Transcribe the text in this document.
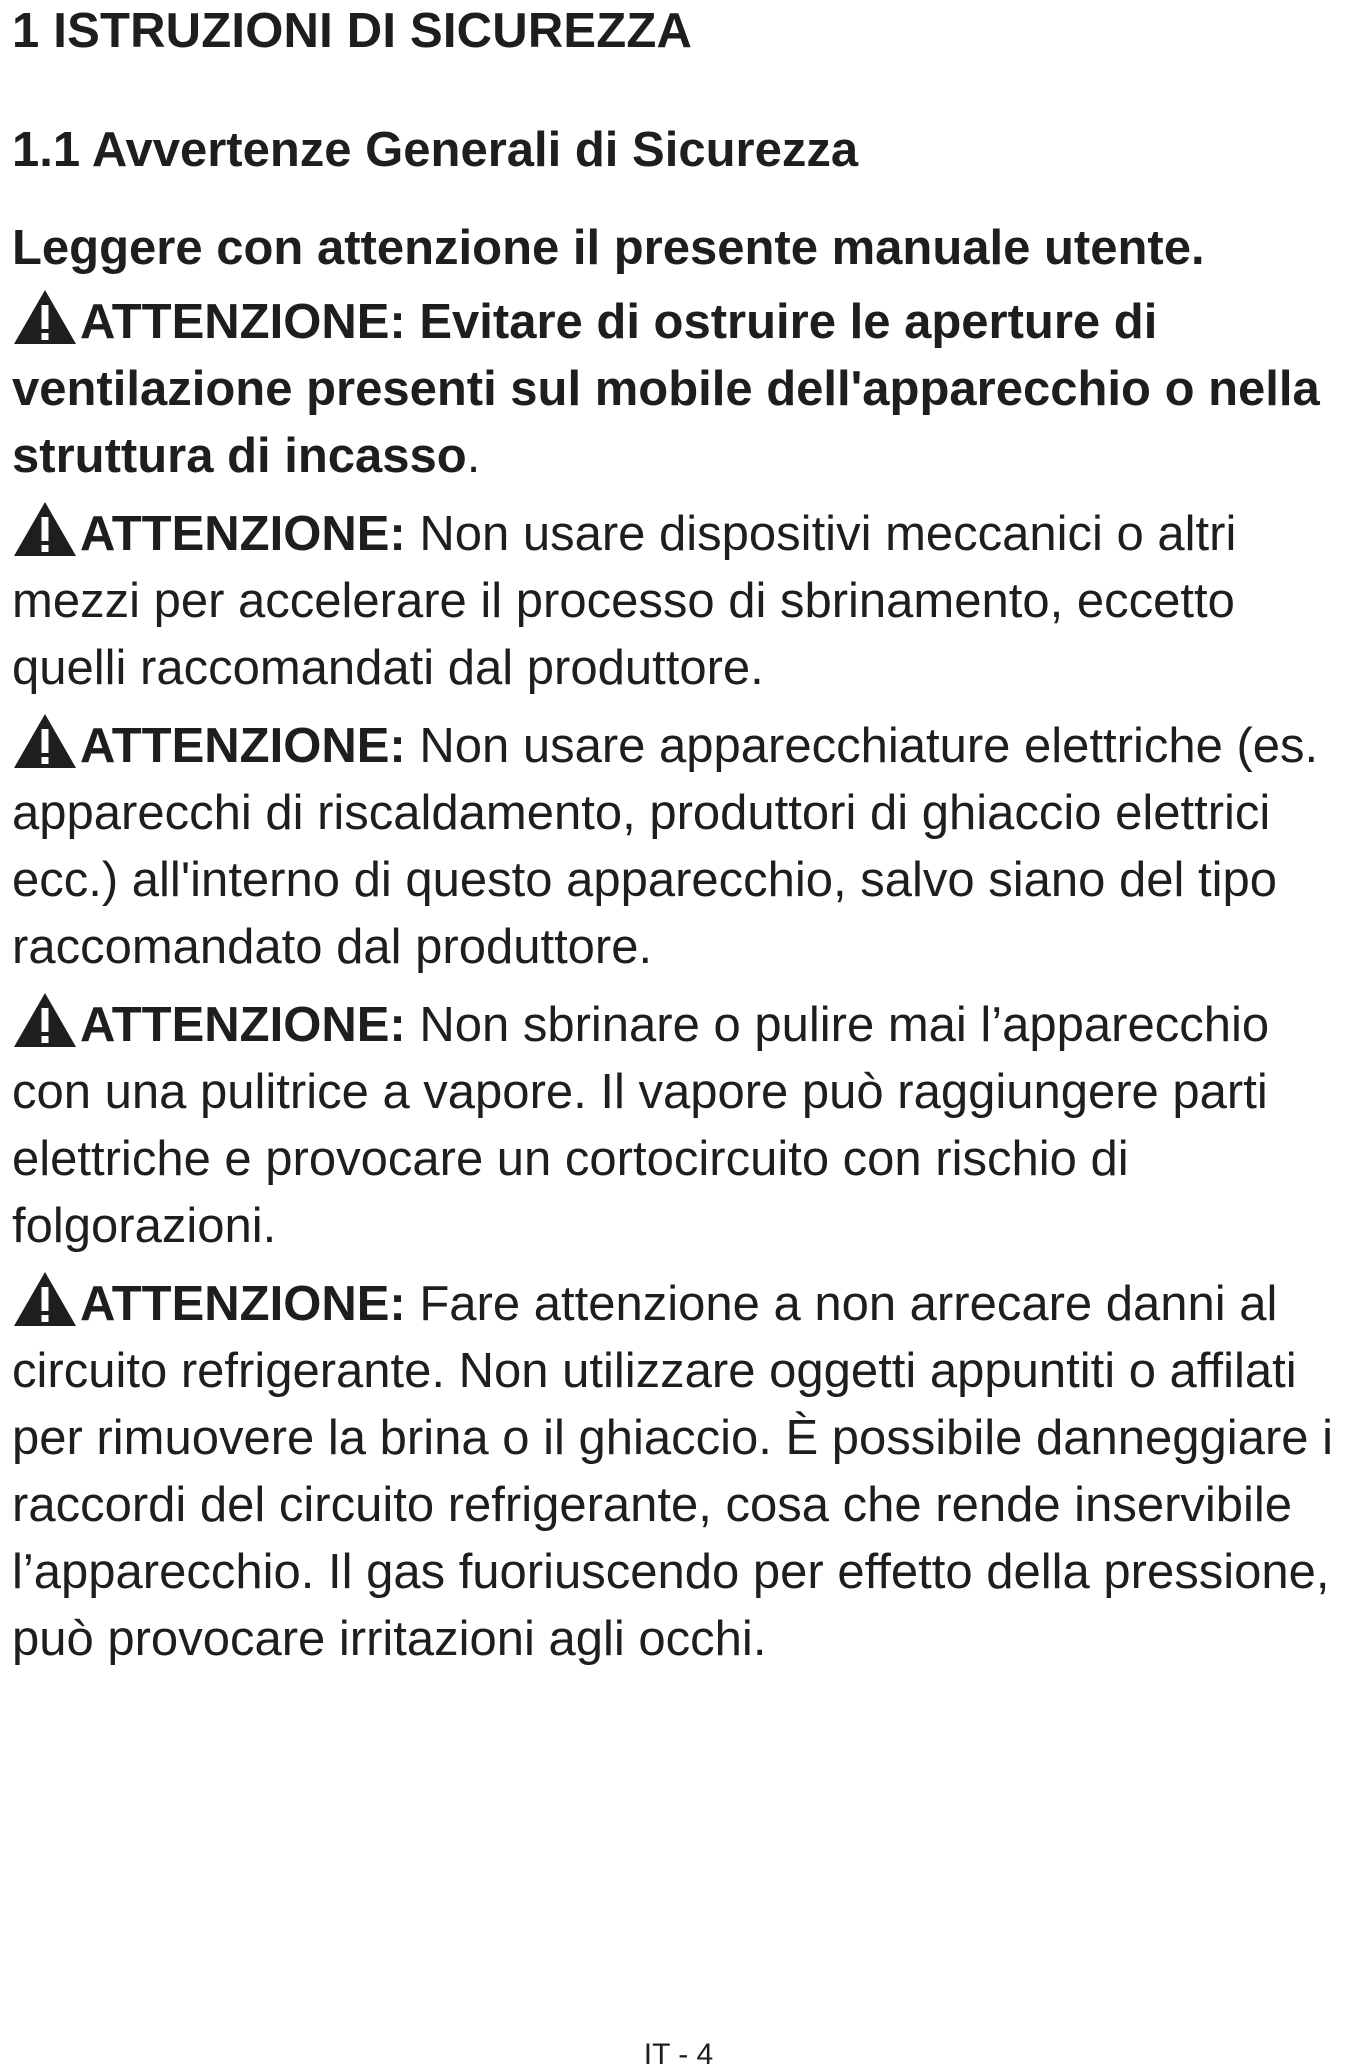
1 ISTRUZIONI DI SICUREZZA
1.1 Avvertenze Generali di Sicurezza
Leggere con attenzione il presente manuale utente.
ATTENZIONE: Evitare di ostruire le aperture di ventilazione presenti sul mobile dell'apparecchio o nella struttura di incasso.
ATTENZIONE: Non usare dispositivi meccanici o altri mezzi per accelerare il processo di sbrinamento, eccetto quelli raccomandati dal produttore.
ATTENZIONE: Non usare apparecchiature elettriche (es. apparecchi di riscaldamento, produttori di ghiaccio elettrici ecc.) all'interno di questo apparecchio, salvo siano del tipo raccomandato dal produttore.
ATTENZIONE: Non sbrinare o pulire mai l’apparecchio con una pulitrice a vapore. Il vapore può raggiungere parti elettriche e provocare un cortocircuito con rischio di folgorazioni.
ATTENZIONE: Fare attenzione a non arrecare danni al circuito refrigerante. Non utilizzare oggetti appuntiti o affilati per rimuovere la brina o il ghiaccio. È possibile danneggiare i raccordi del circuito refrigerante, cosa che rende inservibile l’apparecchio. Il gas fuoriuscendo per effetto della pressione, può provocare irritazioni agli occhi.
IT - 4
